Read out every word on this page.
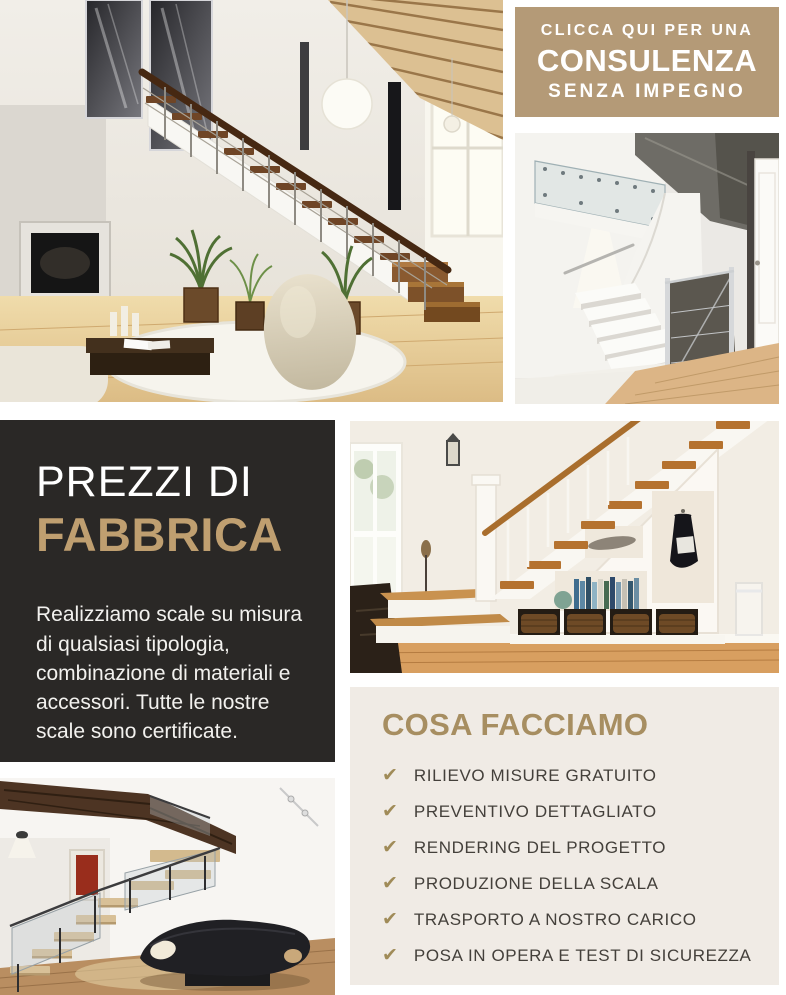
CLICCA QUI PER UNA
CONSULENZA
SENZA IMPEGNO
PREZZI DI
FABBRICA

Realizziamo scale su misura di qualsiasi tipologia, combinazione di materiali e accessori. Tutte le nostre scale sono certificate.	COSA FACCIAMO
✔ RILIEVO MISURE GRATUITO
✔ PREVENTIVO DETTAGLIATO
✔ RENDERING DEL PROGETTO
✔ PRODUZIONE DELLA SCALA
✔ TRASPORTO A NOSTRO CARICO
✔ POSA IN OPERA E TEST DI SICUREZZA
